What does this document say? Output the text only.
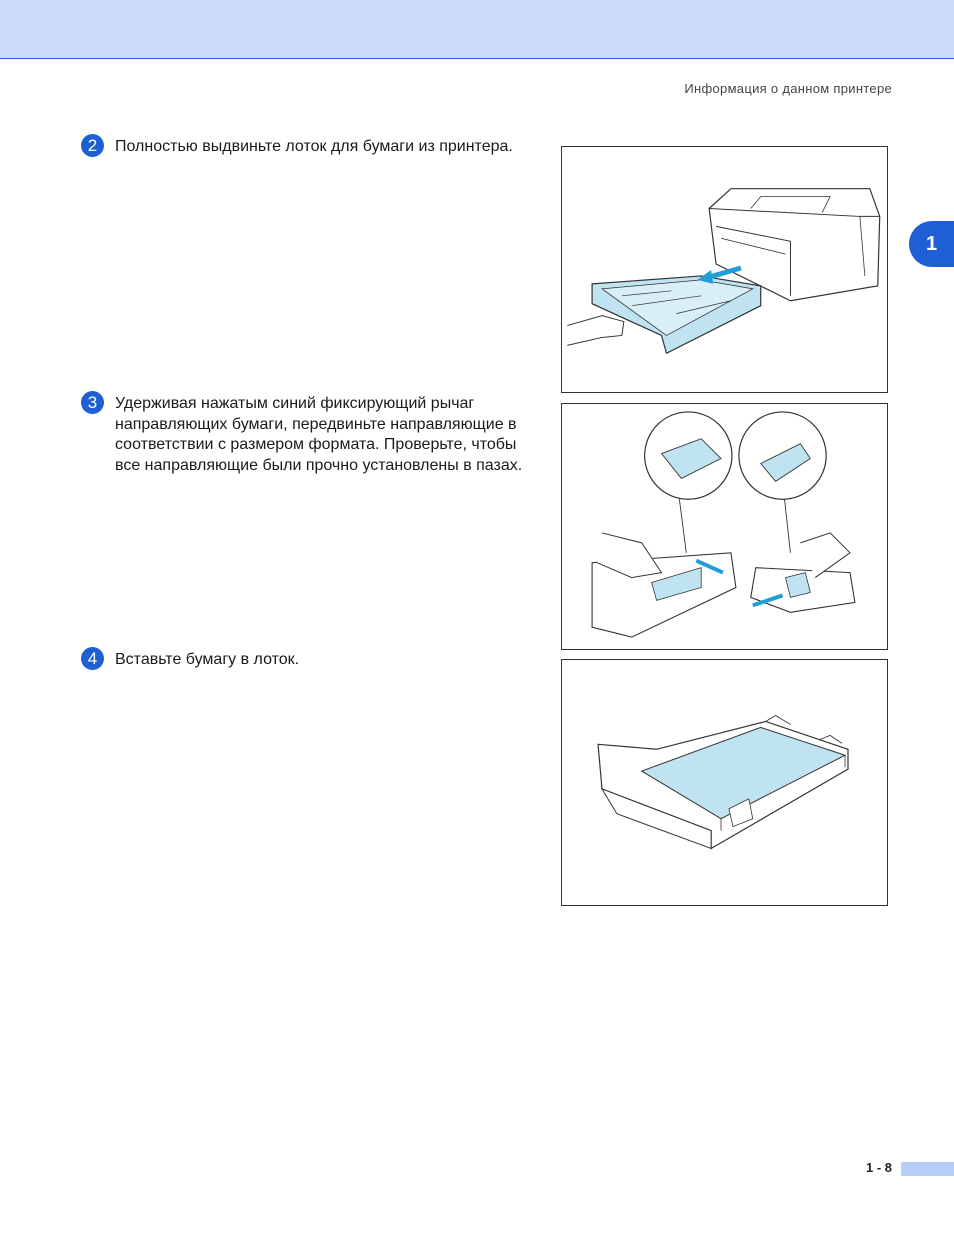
Информация о данном принтере
1
2	Полностью выдвиньте лоток для бумаги из принтера.
3	Удерживая нажатым синий фиксирующий рычаг направляющих бумаги, передвиньте направляющие в соответствии с размером формата. Проверьте, чтобы все направляющие были прочно установлены в пазах.
4	Вставьте бумагу в лоток.
1 - 8
